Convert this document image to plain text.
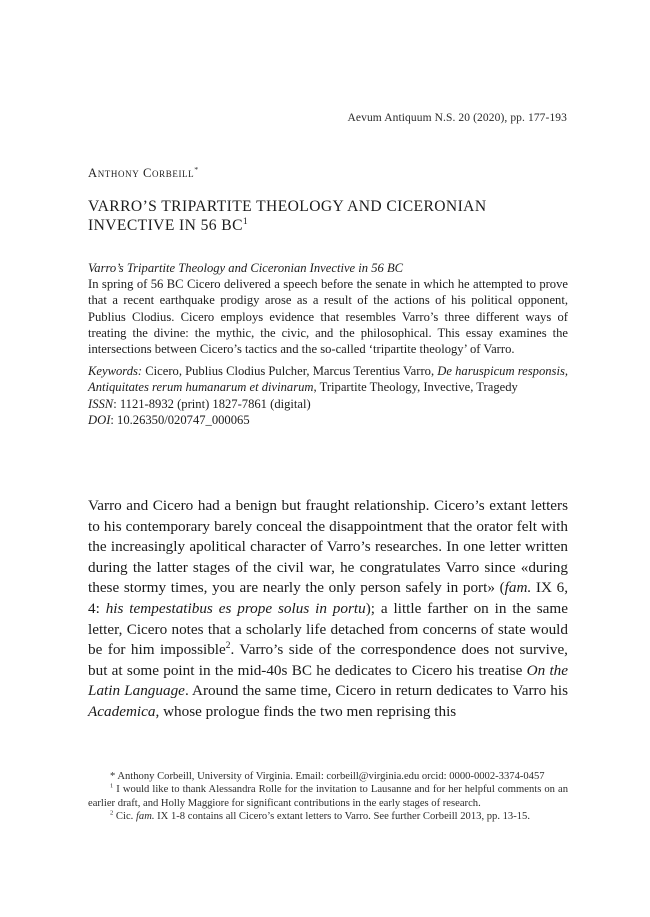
Aevum Antiquum N.S. 20 (2020), pp. 177-193
Anthony Corbeill*
VARRO’S TRIPARTITE THEOLOGY AND CICERONIAN INVECTIVE IN 56 $BC^1$
Varro’s Tripartite Theology and Ciceronian Invective in 56 BC
In spring of 56 BC Cicero delivered a speech before the senate in which he attempted to prove that a recent earthquake prodigy arose as a result of the actions of his political opponent, Publius Clodius. Cicero employs evidence that resembles Varro’s three different ways of treating the divine: the mythic, the civic, and the philosophical. This essay examines the intersections between Cicero’s tactics and the so-called ‘tripartite theology’ of Varro.
Keywords: Cicero, Publius Clodius Pulcher, Marcus Terentius Varro, De haruspicum responsis, Antiquitates rerum humanarum et divinarum, Tripartite Theology, Invective, Tragedy
ISSN: 1121-8932 (print) 1827-7861 (digital)
DOI: 10.26350/020747_000065
Varro and Cicero had a benign but fraught relationship. Cicero’s extant letters to his contemporary barely conceal the disappointment that the orator felt with the increasingly apolitical character of Varro’s researches. In one letter written during the latter stages of the civil war, he congratulates Varro since «during these stormy times, you are nearly the only person safely in port» (fam. IX 6, 4: his tempestatibus es prope solus in portu); a little farther on in the same letter, Cicero notes that a scholarly life detached from concerns of state would be for him impossible$^2$. Varro’s side of the correspondence does not survive, but at some point in the mid-40s BC he dedicates to Cicero his treatise On the Latin Language. Around the same time, Cicero in return dedicates to Varro his Academica, whose prologue finds the two men reprising this

* Anthony Corbeill, University of Virginia. Email: corbeill@virginia.edu orcid: 0000-0002-3374-0457

$^1$ I would like to thank Alessandra Rolle for the invitation to Lausanne and for her helpful comments on an earlier draft, and Holly Maggiore for significant contributions in the early stages of research.

$^2$ Cic. fam. IX 1-8 contains all Cicero’s extant letters to Varro. See further Corbeill 2013, pp. 13-15.
